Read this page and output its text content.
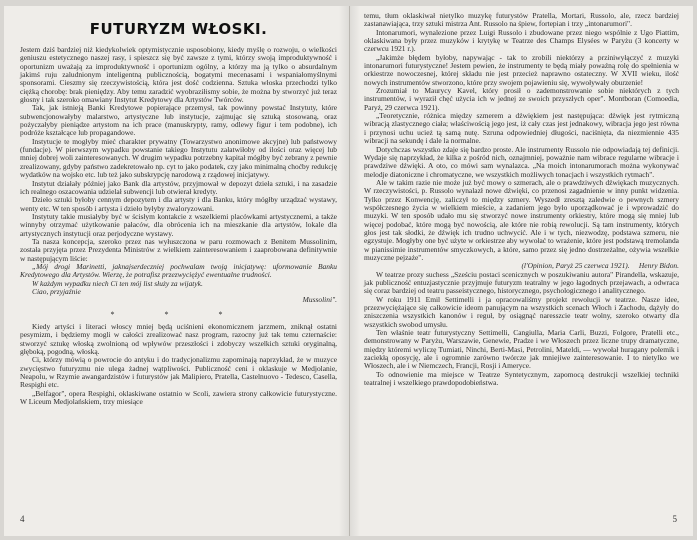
FUTURYZM WŁOSKI.

Jestem dziś bardziej niż kiedykolwiek optymistycznie usposobiony, kiedy myślę o rozwoju, o wielkości geniuszu estetycznego naszej rasy, i spieszcz się być zawsze z tymi, którzy swoją improduktywność i oportunizm uważają za improduktywność i oportunizm ogólny, a którzy ma ją tylko o absurdalnym jakimś ruju zaludnionym inteligentną publicznością, bogatymi mecenasami i wspaniałomyślnymi sponsorami. Cieszmy się rzeczywistością, która jest dość codzienna. Sztuka włoska przechodzi tylko ciężką chorobę: brak pieniędzy. Aby temu zaradzić wyobraziłismy sobie, że można by stworzyć już teraz głosny i tak szeroko omawiany Instytut Kredytowy dla Artystów Twórców.

Tak, jak istnieją Banki Kredytowe popierające przemysł, tak powinny powstać Instytuty, które subwencjonowałyby malarstwo, artystyczne lub instytucje, zajmując się sztuką stosowaną, oraz pożyczałyby pieniądze artystom na ich prace (manuskrypty, ramy, odlewy figur i tem podobne), ich podróże kształcące lub propagandowe.

Instytucje te mogłyby mieć charakter prywatny (Towarzystwo anonimowe akcyjne) lub państwowy (fundacje). W pierwszym wypadku powstanie takiego Instytutu załatwiłoby od ilości oraz więcej lub mniej dobrej woli zainteresowanych. W drugim wypadku potrzebny kapitał mógłby być zebrany z pewnie zrealizowany, gdyby państwo zadekretowało np. cyt to jako podatek, czy jako minimalną choćby redukcję wydatków na wojsko etc. lub też jako subskrypcję narodową z rządowej inicjatywy.

Instytut działały później jako Bank dla artystów, przyjmował w depozyt dzieła sztuki, i na zasadzie ich realnego oszacowania udzielał subwencji lub otwierał kredyty.

Dzieło sztuki byłoby cennym depozytem i dla artysty i dla Banku, który mógłby urządzać wystawy, wenty etc. W ten sposób i artysta i dzieło byłyby zwaloryzowani.

Instytuty takie musiałyby być w ścisłym kontakcie z wszelkiemi placówkami artystycznemi, a także winnyby otrzymać użytkowanie pałaców, dla obrócenia ich na mieszkanie dla artystów, lokale dla artystycznych instytucji oraz perjodyczne wystawy.

Ta nasza koncepcja, szeroko przez nas wyłuszczona w paru rozmowach z Benitem Mussolinim, została przyjęta przez Prezydenta Ministrów z wielkiem zainteresowaniem i zaaprobowana definitywnie w następującym liście:

„Mój drogi Marinetti, jaknajserdeczniej pochwalam twoją inicjatywę: uformowanie Banku Kredytowego dla Artystów. Wierzę, że potrafisz przezwyciężyć ewentualne trudności.

W każdym wypadku niech Ci ten mój list służy za wijatyk.

Ciao, przyjaźnie

Mussolini".
* * *

Kiedy artyści i literaci włoscy mniej będą uciśnieni ekonomicznem jarzmem, zniknął ostatni pesymizm, i będziemy mogli w całości zrealizować nasz program, razocny już tak temu czternaście: stworzyć sztukę włoską zwolnioną od wpływów przeszłości i zdobyczy wszelkich sztuki oryginalną, głęboką, pogodną, włoską.

Ci, którzy mówią o powrocie do antyku i do tradycjonalizmu zapominają naprzykład, że w muzyce zwycięstwo futuryzmu nie ulega żadnej wątpliwości. Publiczność ceni i oklaskuje w Medjolanie, Neapolu, w Rzymie awangardzistów i futurystów jak Malipiero, Pratella, Castelnuovo - Tedesco, Casella, Respighi etc.

„Belfagor", opera Respighi, oklaskiwane ostatnio w Scoli, zawiera strony całkowicie futurystyczne. W Liceum Medjolańskiem, trzy miesiące

4

temu, tłum oklaskiwał nietylko muzykę futurystów Pratella, Mortari, Russolo, ale, rzecz bardziej zastanawiająca, trzy sztuki mistrza Ant. Russolo na śpiew, fortepian i trzy „intonarumori".

Intonarumori, wynalezione przez Luigi Russolo i zbudowane przez niego wspólnie z Ugo Piattim, oklaskiwana były przez muzyków i krytykę w Teatrze des Champs Elysées w Paryżu (3 koncerty w czerwcu 1921 r.).

„Jakimże błędem byłoby, napywając - tak to zrobili niektórzy a prziniwyłączyć z muzyki intonarumori futurystyczne! Jestem pewien, że instrumenty te będą miały powaźną rolę do spełnienia w orkiestrze nowoczesnej, której składu nie jest przecież naprawno ostateczny. W XVII wieku, ilość nowych instrumentów stworzono, które przy swojem pojawieniu się, wywoływały oburzenie!

Zrozumiał to Maurycy Kavel, który prosił o zademonstrowanie sobie niektórych z tych instrumentów, i wyraził chęć użycia ich w jednej ze swoich przyszłych oper". Montboran (Comoedia, Paryż, 29 czerwca 1921).

„Teoretycznie, różnica między szmerem a dźwiękiem jest następująca: dźwięk jest rytmiczną wibracją zlastycznego ciała; właściwością jego jest, iż cały czas jest jednakowy, wibracja jego jest równa i przynosi uchu ucież tą samą nutę. Szruna odpowiedniej długości, naciśnięta, da niezmiennie 435 wibracji na sekundę i dale la normalne.

Dotychczas wszystko zdaje się bardzo proste. Ale instrumenty Russolo nie odpowiadają tej definicji. Wydaje się naprzykład, że kilka z pośród nich, oznajmniej, poważnie nam wibrace regularne wibracje i prawdziwe dźwięki. A oto, co mówi sam wynalazca. „Na moich intonarumorach można wykonywać melodje diatoniczne i chromatyczne, we wszystkich możliwych tonacjach i wszystkich rytmach".

Ale w takim razie nie może już być mowy o szmerach, ale o prawdziwych dźwiękach muzycznych. W rzeczywistości, p. Russolo wynalazł nowe dźwięki, co przenosi zagadnienie w inny punkt widzenia. Tylko przez Konwencję, zaliczył to między szmery. Wyszedł zresztą zaledwie o pewnych szmery współczesnego życia w wielkiem mieście, a zadaniem jego było uporządkować je i wprowadzić do muzyki. W ten sposób udało mu się stworzyć nowe instrumenty orkiestry, które mogą się mniej lub więcej podobać, które mogą być nowością, ale które nie robią rewolucji. Są tam instrumenty, których głos jest tak słodki, że dźwięk ich trudno uchwycić. Ale i w tych, niezwodzę, podstawa szmeru, nie egzystuje. Mogłyby one być użyte w orkiestrze aby wywołać to wrażenie, które jest podstawą tremolanda w pianissimie instrumentów smyczkowych, a które, samo przez się jedno dostrzeżalne, ożywia wszelkie muzyczne pejzaże".

(l'Opinion, Paryż 25 czerwca 1921). Henry Bidon.

W teatrze prozy suchess „Sześciu postaci scenicznych w poszukiwaniu autora" Pirandella, wskazuje, jak publiczność entuzjastycznie przyjmuje futuryzm teatralny w jego łagodnych przejawach, a odwraca się coraz bardziej od teatru passeistycznego, historycznego, psychologicznego i analitycznego.

W roku 1911 Emil Settimelli i ja opracowaliśmy projekt rewolucji w teatrze. Nasze idee, przezwyciężające się całkowicie ideom panującym na wszystkich scenach Włoch i Zachodu, dążyły do zniszczenia wszystkich kanonów i reguł, by osiągnąć naresszcie teatr wolny, szeroko otwarty dla wszystkich swobod umysłu.

Ten właśnie teatr futurystyczny Settimelli, Cangiulla, Maria Carli, Buzzi, Folgore, Pratelli etc., demonstrowany w Paryżu, Warszawie, Genewie, Pradze i we Włoszech przez liczne trupy dramatyczne, między któremi wyliczę Tumiati, Ninchi, Berti-Masi, Petrolini, Mateldi, — wywołał huragany polemik i zaciekłą oposycję, ale i ogromnie zarówno twórcze jak mniejiwe zainteresowanie. I to nietylko we Włoszech, ale i w Niemczech, Francji, Rosji i Ameryce.

To odnowienie ma miejsce w Teatrze Syntetycznym, zapomocą destrukcji wszelkiej techniki teatralnej i wszelkiego prawdopodobieństwa.

5
